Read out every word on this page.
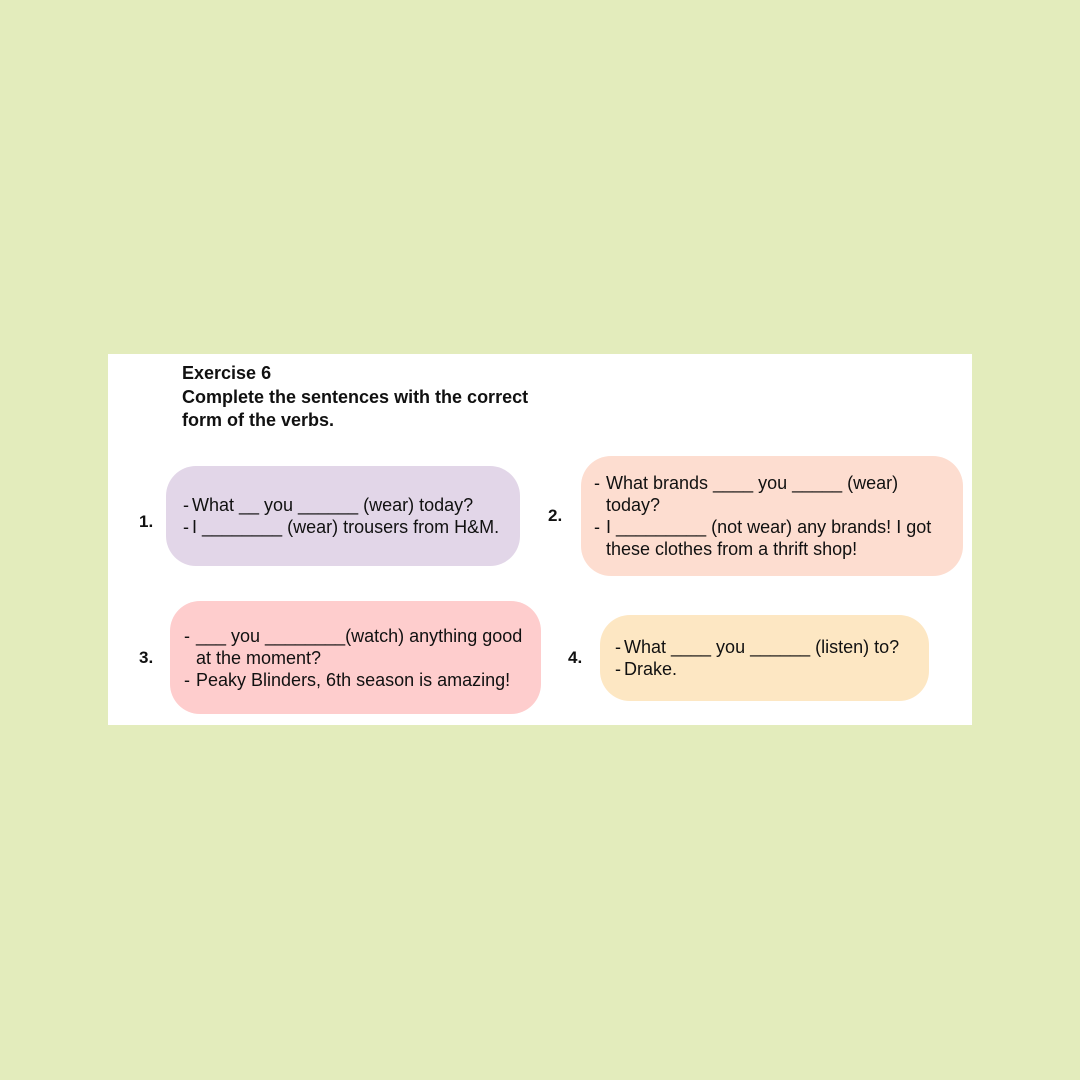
Exercise 6
Complete the sentences with the correct
form of the verbs.
1.
- What __ you ______ (wear) today?
- I ________ (wear) trousers from H&M.
2.
- What brands ____ you _____ (wear) today?
- I _________ (not wear) any brands! I got these clothes from a thrift shop!
3.
- ___ you ________(watch) anything good at the moment?
- Peaky Blinders, 6th season is amazing!
4.
- What ____ you ______ (listen) to?
- Drake.
